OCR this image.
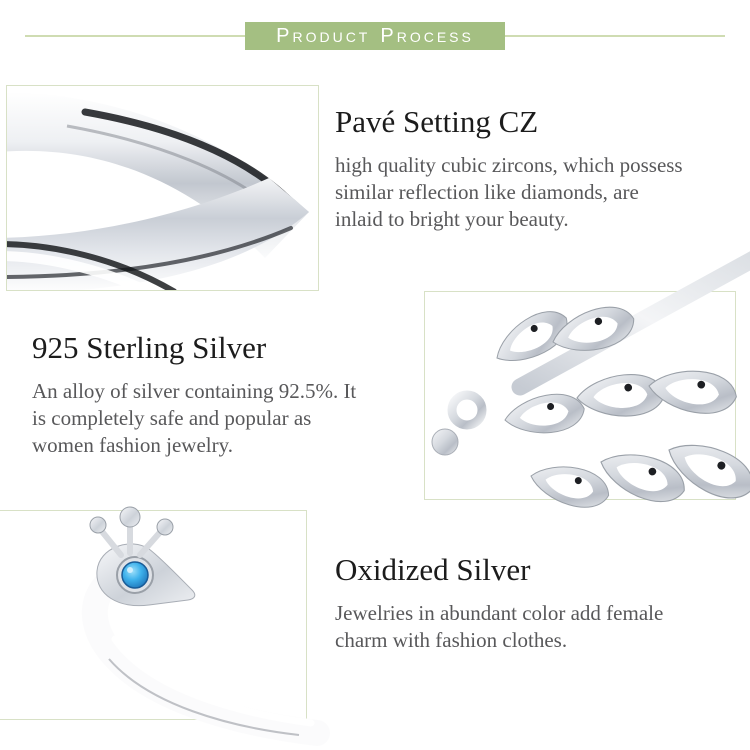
Product Process
Pavé Setting CZ
high quality cubic zircons, which possess
similar reflection like diamonds, are
inlaid to bright your beauty.
925 Sterling Silver
An alloy of silver containing 92.5%. It
is completely safe and popular as
women fashion jewelry.
Oxidized Silver
Jewelries in abundant color add female
charm with fashion clothes.
